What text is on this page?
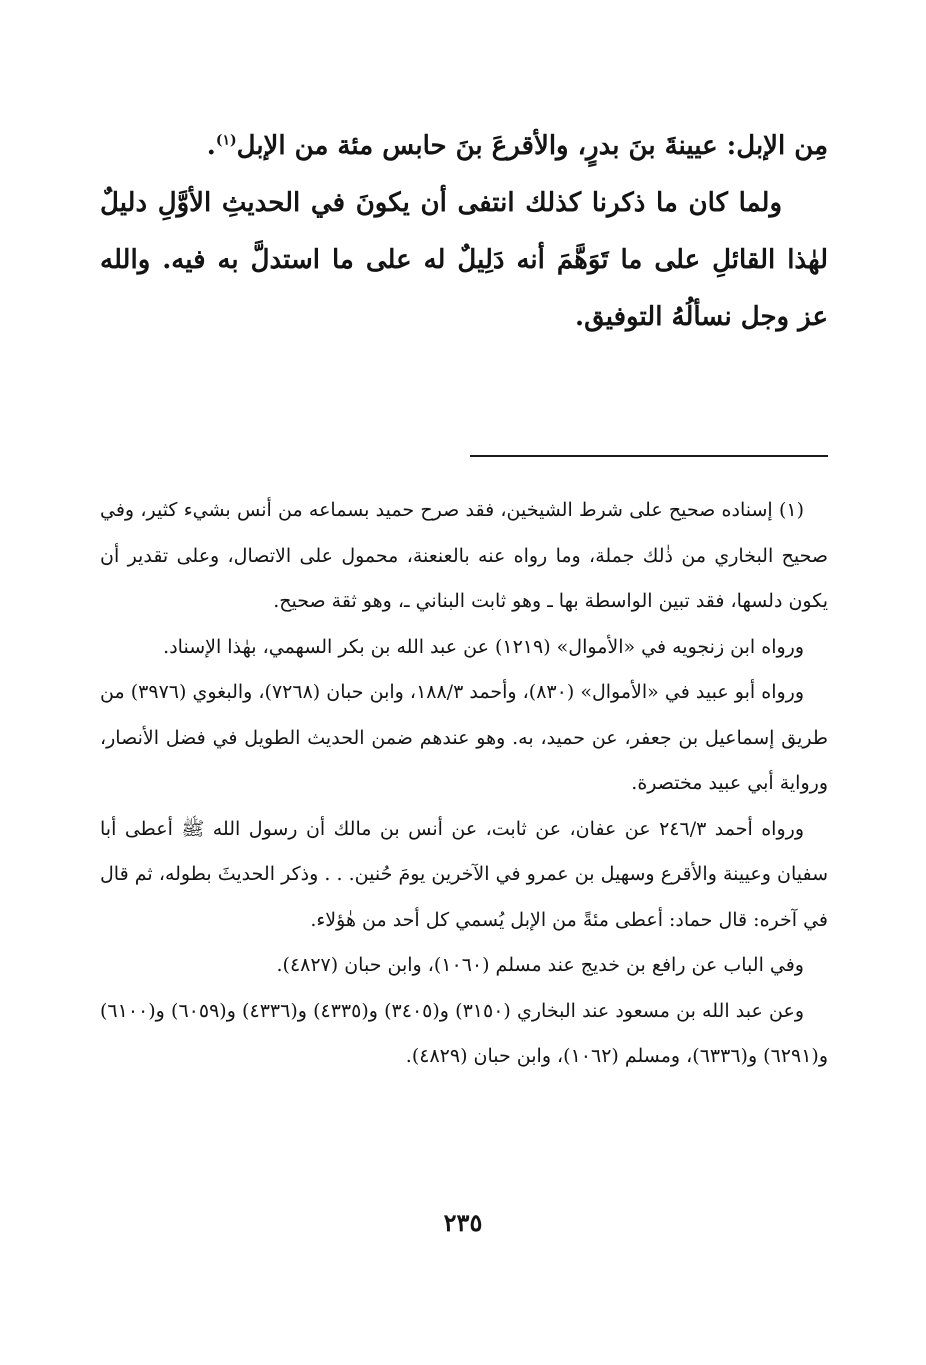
مِن الإبل: عيينةَ بنَ بدرٍ، والأقرعَ بنَ حابس مئة من الإبل$^{(١)}$.

ولما كان ما ذكرنا كذلك انتفى أن يكونَ في الحديثِ الأوَّلِ دليلٌ لهٰذا القائلِ على ما تَوَهَّمَ أنه دَلِيلٌ له على ما استدلَّ به فيه. والله عز وجل نسألُهُ التوفيق.

(١) إسناده صحيح على شرط الشيخين، فقد صرح حميد بسماعه من أنس بشيء كثير، وفي صحيح البخاري من ذٰلك جملة، وما رواه عنه بالعنعنة، محمول على الاتصال، وعلى تقدير أن يكون دلسها، فقد تبين الواسطة بها ـ وهو ثابت البناني ـ، وهو ثقة صحيح.

ورواه ابن زنجويه في «الأموال» (١٢١٩) عن عبد الله بن بكر السهمي، بهٰذا الإسناد.

ورواه أبو عبيد في «الأموال» (٨٣٠)، وأحمد ١٨٨/٣، وابن حبان (٧٢٦٨)، والبغوي (٣٩٧٦) من طريق إسماعيل بن جعفر، عن حميد، به. وهو عندهم ضمن الحديث الطويل في فضل الأنصار، ورواية أبي عبيد مختصرة.

ورواه أحمد ٢٤٦/٣ عن عفان، عن ثابت، عن أنس بن مالك أن رسول الله ﷺ أعطى أبا سفيان وعيينة والأقرع وسهيل بن عمرو في الآخرين يومَ حُنين. . . وذكر الحديثَ بطوله، ثم قال في آخره: قال حماد: أعطى مئةً من الإبل يُسمي كل أحد من هٰؤلاء.

وفي الباب عن رافع بن خديج عند مسلم (١٠٦٠)، وابن حبان (٤٨٢٧).

وعن عبد الله بن مسعود عند البخاري (٣١٥٠) و(٣٤٠٥) و(٤٣٣٥) و(٤٣٣٦) و(٦٠٥٩) و(٦١٠٠) و(٦٢٩١) و(٦٣٣٦)، ومسلم (١٠٦٢)، وابن حبان (٤٨٢٩).

٢٣٥
